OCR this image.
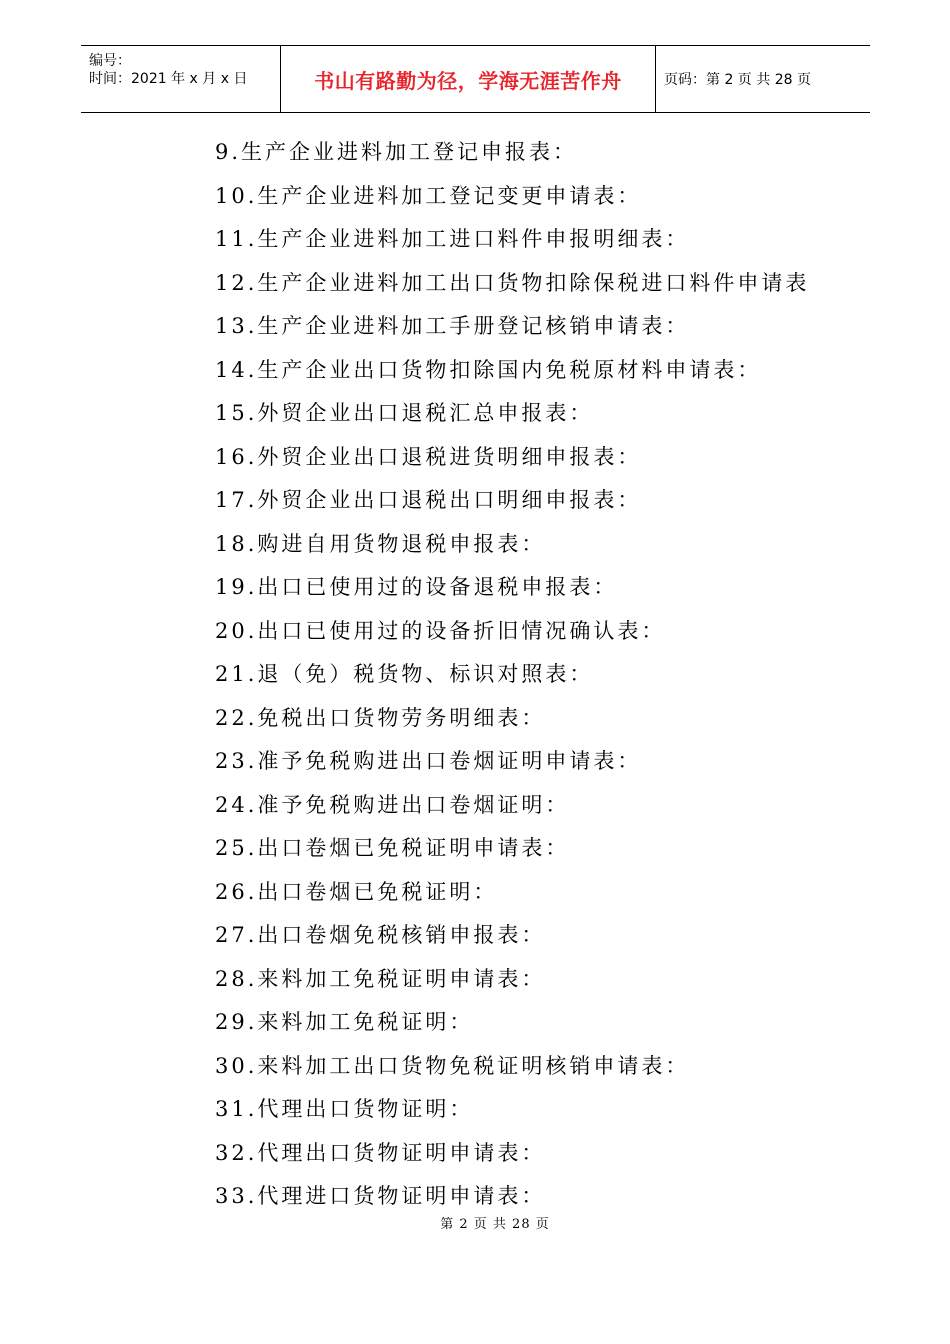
编号：
时间：2021 年 x 月 x 日	书山有路勤为径，学海无涯苦作舟	页码：第 2 页 共 28 页
9.生产企业进料加工登记申报表：
10.生产企业进料加工登记变更申请表：
11.生产企业进料加工进口料件申报明细表：
12.生产企业进料加工出口货物扣除保税进口料件申请表
13.生产企业进料加工手册登记核销申请表：
14.生产企业出口货物扣除国内免税原材料申请表：
15.外贸企业出口退税汇总申报表：
16.外贸企业出口退税进货明细申报表：
17.外贸企业出口退税出口明细申报表：
18.购进自用货物退税申报表：
19.出口已使用过的设备退税申报表：
20.出口已使用过的设备折旧情况确认表：
21.退（免）税货物、标识对照表：
22.免税出口货物劳务明细表：
23.准予免税购进出口卷烟证明申请表：
24.准予免税购进出口卷烟证明：
25.出口卷烟已免税证明申请表：
26.出口卷烟已免税证明：
27.出口卷烟免税核销申报表：
28.来料加工免税证明申请表：
29.来料加工免税证明：
30.来料加工出口货物免税证明核销申请表：
31.代理出口货物证明：
32.代理出口货物证明申请表：
33.代理进口货物证明申请表：
第 2 页 共 28 页
